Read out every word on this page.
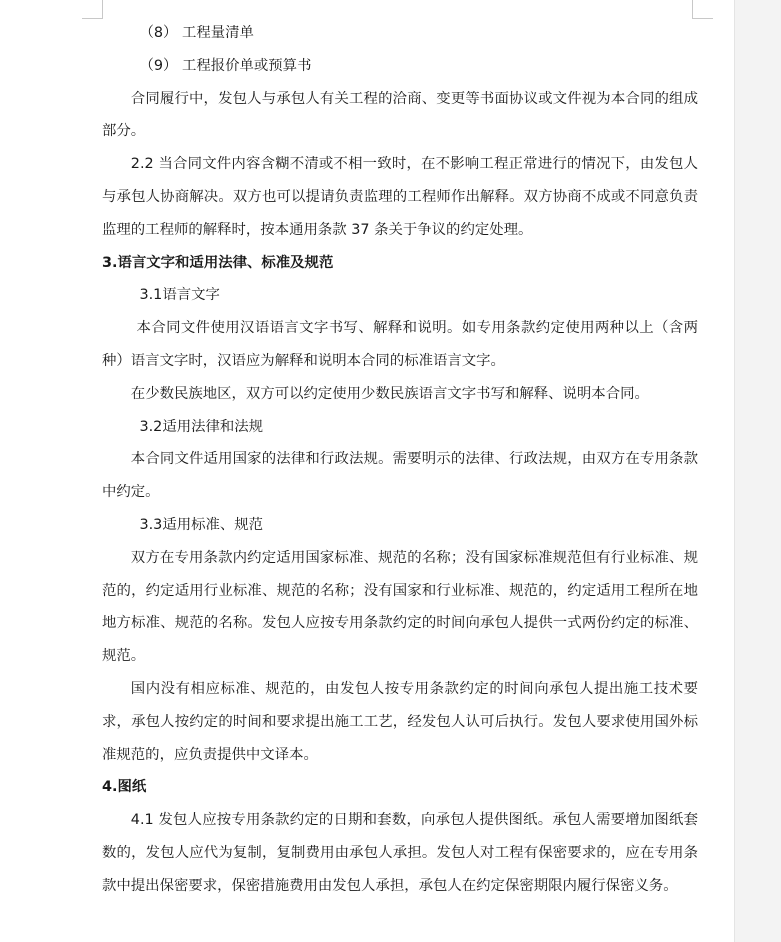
（8） 工程量清单
（9） 工程报价单或预算书
合同履行中，发包人与承包人有关工程的洽商、变更等书面协议或文件视为本合同的组成部分。
2.2 当合同文件内容含糊不清或不相一致时，在不影响工程正常进行的情况下，由发包人与承包人协商解决。双方也可以提请负责监理的工程师作出解释。双方协商不成或不同意负责监理的工程师的解释时，按本通用条款 37 条关于争议的约定处理。
3.语言文字和适用法律、标准及规范
3.1语言文字
本合同文件使用汉语语言文字书写、解释和说明。如专用条款约定使用两种以上（含两种）语言文字时，汉语应为解释和说明本合同的标准语言文字。
在少数民族地区，双方可以约定使用少数民族语言文字书写和解释、说明本合同。
3.2适用法律和法规
本合同文件适用国家的法律和行政法规。需要明示的法律、行政法规，由双方在专用条款中约定。
3.3适用标准、规范
双方在专用条款内约定适用国家标准、规范的名称；没有国家标准规范但有行业标准、规范的，约定适用行业标准、规范的名称；没有国家和行业标准、规范的，约定适用工程所在地地方标准、规范的名称。发包人应按专用条款约定的时间向承包人提供一式两份约定的标准、规范。
国内没有相应标准、规范的，由发包人按专用条款约定的时间向承包人提出施工技术要求，承包人按约定的时间和要求提出施工工艺，经发包人认可后执行。发包人要求使用国外标准规范的，应负责提供中文译本。
4.图纸
4.1 发包人应按专用条款约定的日期和套数，向承包人提供图纸。承包人需要增加图纸套数的，发包人应代为复制，复制费用由承包人承担。发包人对工程有保密要求的，应在专用条款中提出保密要求，保密措施费用由发包人承担，承包人在约定保密期限内履行保密义务。
